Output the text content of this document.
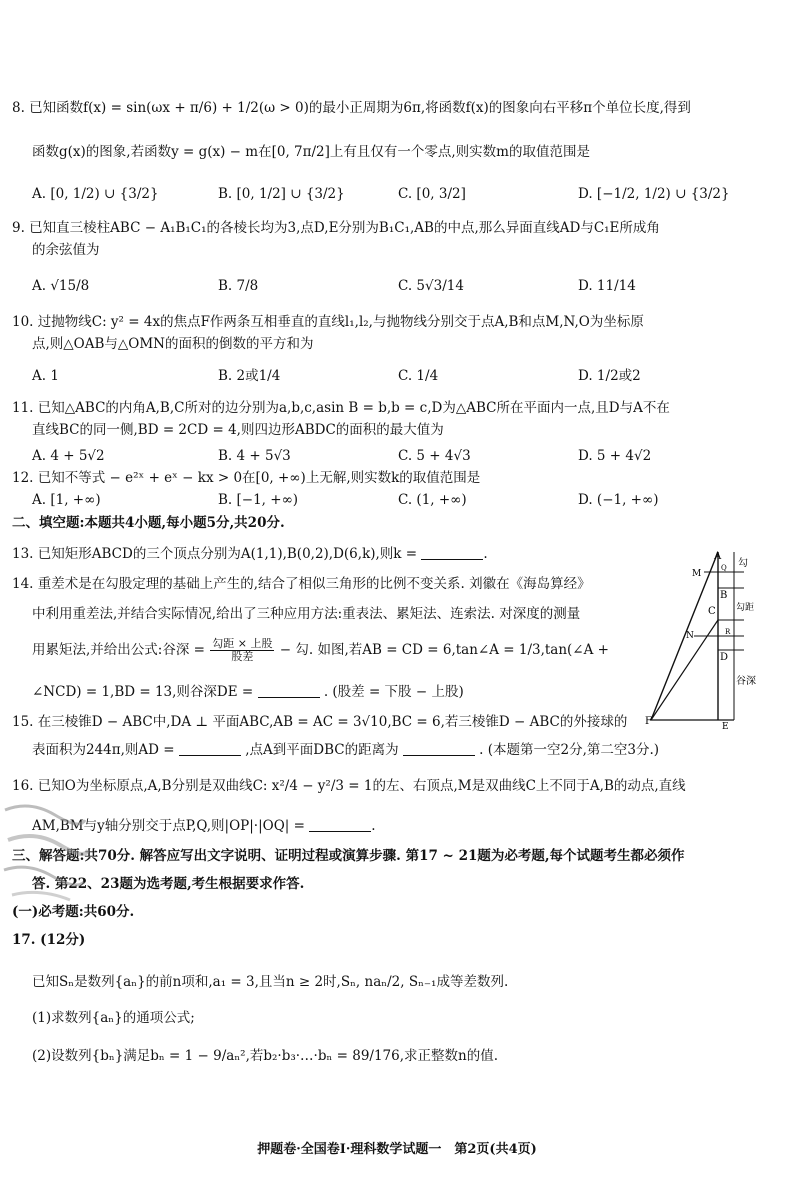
8. 已知函数f(x) = sin(ωx + π/6) + 1/2(ω > 0)的最小正周期为6π,将函数f(x)的图象向右平移π个单位长度,得到
函数g(x)的图象,若函数y = g(x) − m在[0, 7π/2]上有且仅有一个零点,则实数m的取值范围是
A. [0, 1/2) ∪ {3/2}	B. [0, 1/2] ∪ {3/2}	C. [0, 3/2]	D. [−1/2, 1/2) ∪ {3/2}
9. 已知直三棱柱ABC − A₁B₁C₁的各棱长均为3,点D,E分别为B₁C₁,AB的中点,那么异面直线AD与C₁E所成角
的余弦值为
A. √15/8	B. 7/8	C. 5√3/14	D. 11/14
10. 过抛物线C: y² = 4x的焦点F作两条互相垂直的直线l₁,l₂,与抛物线分别交于点A,B和点M,N,O为坐标原
点,则△OAB与△OMN的面积的倒数的平方和为
A. 1	B. 2或1/4	C. 1/4	D. 1/2或2
11. 已知△ABC的内角A,B,C所对的边分别为a,b,c,asin B = b,b = c,D为△ABC所在平面内一点,且D与A不在
直线BC的同一侧,BD = 2CD = 4,则四边形ABDC的面积的最大值为
A. 4 + 5√2	B. 4 + 5√3	C. 5 + 4√3	D. 5 + 4√2
12. 已知不等式 − e²ˣ + eˣ − kx > 0在[0, +∞)上无解,则实数k的取值范围是
A. [1, +∞)	B. [−1, +∞)	C. (1, +∞)	D. (−1, +∞)
二、填空题:本题共4小题,每小题5分,共20分.
13. 已知矩形ABCD的三个顶点分别为A(1,1),B(0,2),D(6,k),则k =	.
14. 重差术是在勾股定理的基础上产生的,结合了相似三角形的比例不变关系. 刘徽在《海岛算经》
中利用重差法,并结合实际情况,给出了三种应用方法:重表法、累矩法、连索法. 对深度的测量
用累矩法,并给出公式:谷深 = $\frac{\text{勾距 × 上股}}{\text{股差}}$ − 勾. 如图,若AB = CD = 6,tan∠A = 1/3,tan(∠A +
∠NCD) = 1,BD = 13,则谷深DE =	. (股差 = 下股 − 上股)
15. 在三棱锥D − ABC中,DA ⊥ 平面ABC,AB = AC = 3√10,BC = 6,若三棱锥D − ABC的外接球的
表面积为244π,则AD =	,点A到平面DBC的距离为	. (本题第一空2分,第二空3分.)
16. 已知O为坐标原点,A,B分别是双曲线C: x²/4 − y²/3 = 1的左、右顶点,M是双曲线C上不同于A,B的动点,直线
AM,BM与y轴分别交于点P,Q,则|OP|·|OQ| =	.
三、解答题:共70分. 解答应写出文字说明、证明过程或演算步骤. 第17 ~ 21题为必考题,每个试题考生都必须作
答. 第22、23题为选考题,考生根据要求作答.
(一)必考题:共60分.
17. (12分)
已知Sₙ是数列{aₙ}的前n项和,a₁ = 3,且当n ≥ 2时,Sₙ, naₙ/2, Sₙ₋₁成等差数列.
(1)求数列{aₙ}的通项公式;
(2)设数列{bₙ}满足bₙ = 1 − 9/aₙ²,若b₂·b₃·…·bₙ = 89/176,求正整数n的值.
A
M
Q
B
C
N	R
D
E
F
勾
勾距
谷深
押题卷·全国卷Ⅰ·理科数学试题一　第2页(共4页)
